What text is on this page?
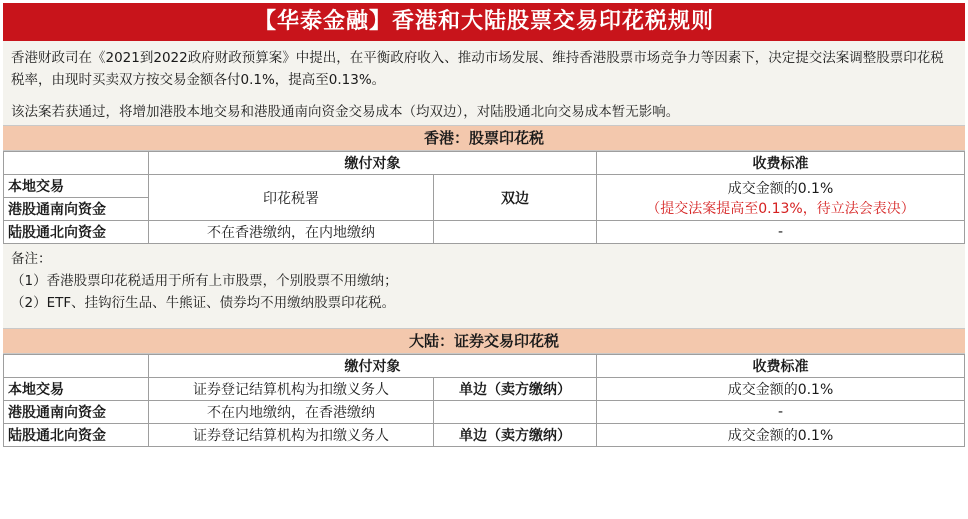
【华泰金融】香港和大陆股票交易印花税规则

香港财政司在《2021到2022政府财政预算案》中提出，在平衡政府收入、推动市场发展、维持香港股票市场竞争力等因素下，决定提交法案调整股票印花税税率，由现时买卖双方按交易金额各付0.1%，提高至0.13%。

该法案若获通过，将增加港股本地交易和港股通南向资金交易成本（均双边），对陆股通北向交易成本暂无影响。

香港：股票印花税
	缴付对象		收费标准
本地交易	印花税署	双边	成交金额的0.1%
（提交法案提高至0.13%，待立法会表决）

港股通南向资金			
陆股通北向资金	不在香港缴纳，在内地缴纳		-

备注：

（1）香港股票印花税适用于所有上市股票，个别股票不用缴纳；

（2）ETF、挂钩衍生品、牛熊证、债券均不用缴纳股票印花税。

大陆：证券交易印花税
	缴付对象		收费标准
本地交易	证券登记结算机构为扣缴义务人	单边（卖方缴纳）	成交金额的0.1%
港股通南向资金	不在内地缴纳，在香港缴纳		-
陆股通北向资金	证券登记结算机构为扣缴义务人	单边（卖方缴纳）	成交金额的0.1%
